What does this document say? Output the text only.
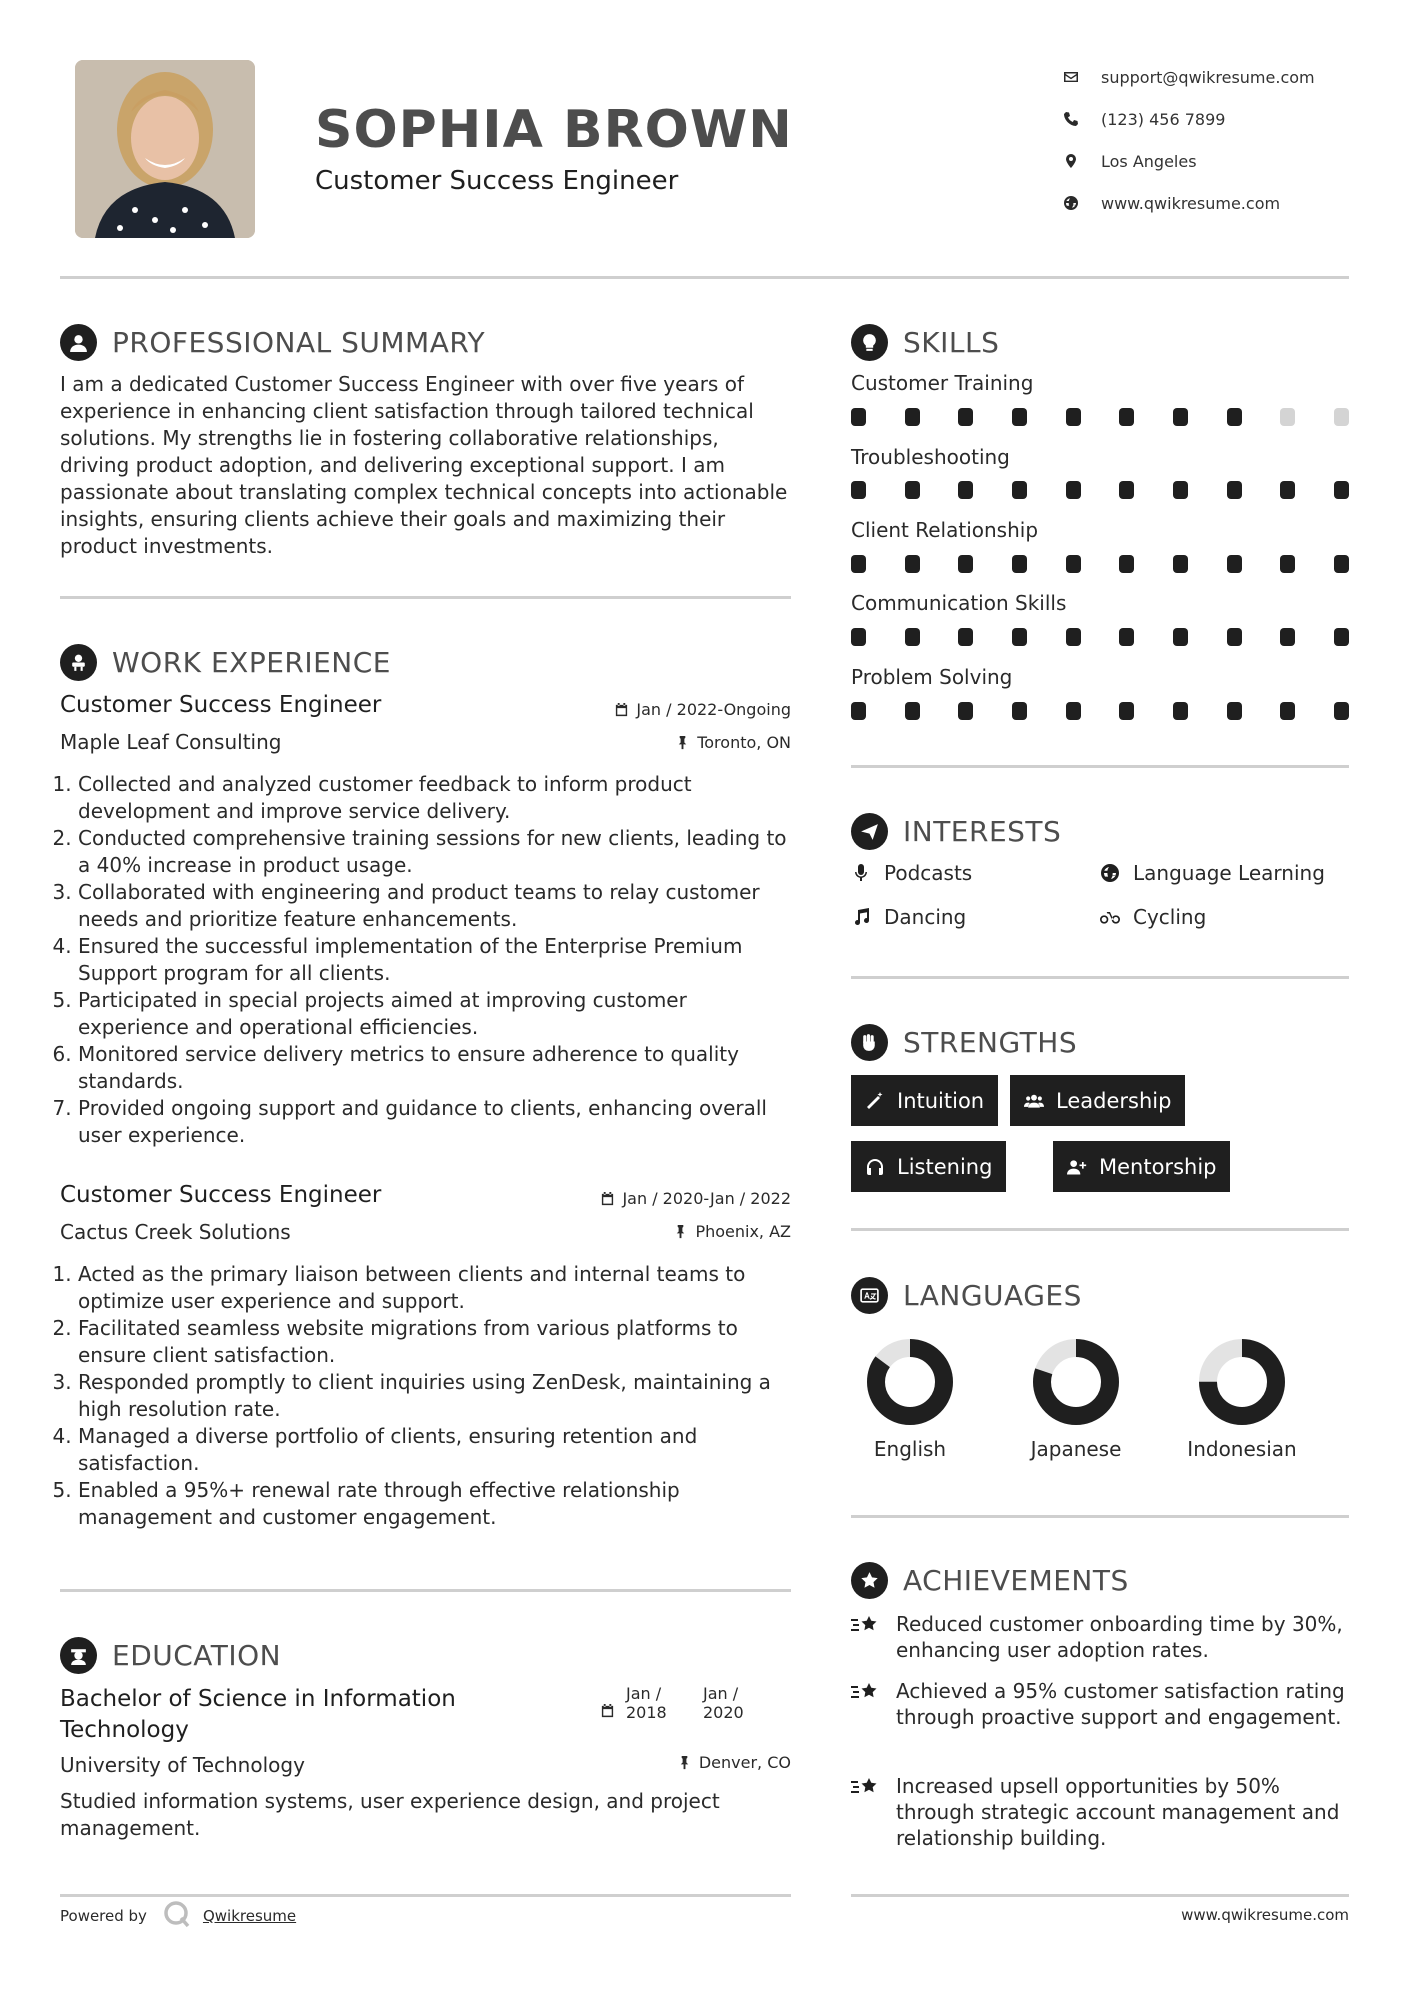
SOPHIA BROWN
Customer Success Engineer
support@qwikresume.com
(123) 456 7899
Los Angeles
www.qwikresume.com
PROFESSIONAL SUMMARY
I am a dedicated Customer Success Engineer with over five years of experience in enhancing client satisfaction through tailored technical solutions. My strengths lie in fostering collaborative relationships, driving product adoption, and delivering exceptional support. I am passionate about translating complex technical concepts into actionable insights, ensuring clients achieve their goals and maximizing their product investments.
WORK EXPERIENCE
Customer Success Engineer	Jan / 2022-Ongoing
Maple Leaf Consulting	Toronto, ON
1. Collected and analyzed customer feedback to inform product development and improve service delivery.
2. Conducted comprehensive training sessions for new clients, leading to a 40% increase in product usage.
3. Collaborated with engineering and product teams to relay customer needs and prioritize feature enhancements.
4. Ensured the successful implementation of the Enterprise Premium Support program for all clients.
5. Participated in special projects aimed at improving customer experience and operational efficiencies.
6. Monitored service delivery metrics to ensure adherence to quality standards.
7. Provided ongoing support and guidance to clients, enhancing overall user experience.
Customer Success Engineer	Jan / 2020-Jan / 2022
Cactus Creek Solutions	Phoenix, AZ
1. Acted as the primary liaison between clients and internal teams to optimize user experience and support.
2. Facilitated seamless website migrations from various platforms to ensure client satisfaction.
3. Responded promptly to client inquiries using ZenDesk, maintaining a high resolution rate.
4. Managed a diverse portfolio of clients, ensuring retention and satisfaction.
5. Enabled a 95%+ renewal rate through effective relationship management and customer engagement.
EDUCATION
Bachelor of Science in Information
Technology
Jan /
2018
Jan /
2020
University of Technology	Denver, CO
Studied information systems, user experience design, and project management.
SKILLS
Customer Training
Troubleshooting
Client Relationship
Communication Skills
Problem Solving
INTERESTS
Podcasts	Language Learning
Dancing	Cycling
STRENGTHS
Intuition	Leadership
Listening	Mentorship
LANGUAGES
English	Japanese	Indonesian
ACHIEVEMENTS
Reduced customer onboarding time by 30%, enhancing user adoption rates.
Achieved a 95% customer satisfaction rating through proactive support and engagement.
Increased upsell opportunities by 50% through strategic account management and relationship building.
Powered by	Qwikresume	www.qwikresume.com
